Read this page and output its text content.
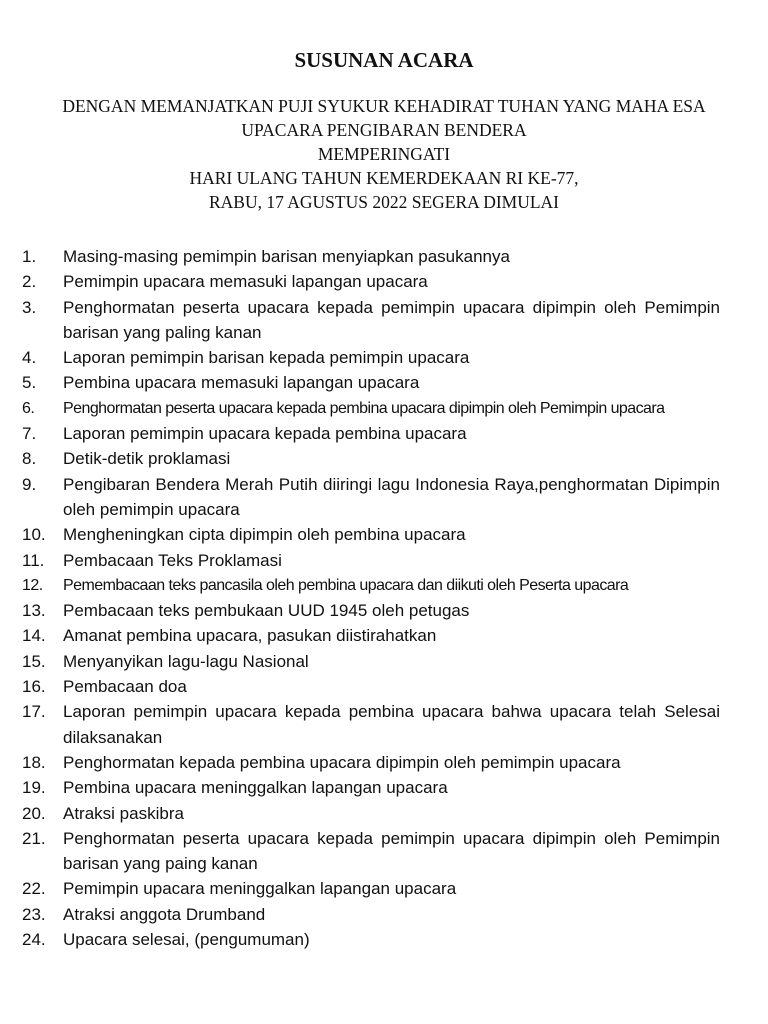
SUSUNAN ACARA
DENGAN MEMANJATKAN PUJI SYUKUR KEHADIRAT TUHAN YANG MAHA ESA
UPACARA PENGIBARAN BENDERA
MEMPERINGATI
HARI ULANG TAHUN KEMERDEKAAN RI KE-77,
RABU, 17 AGUSTUS 2022 SEGERA DIMULAI
1.	Masing-masing pemimpin barisan menyiapkan pasukannya
2.	Pemimpin upacara memasuki lapangan upacara
3.	Penghormatan peserta upacara kepada pemimpin upacara dipimpin oleh Pemimpin barisan yang paling kanan
4.	Laporan pemimpin barisan kepada pemimpin upacara
5.	Pembina upacara memasuki lapangan upacara
6.	Penghormatan peserta upacara kepada pembina upacara dipimpin oleh Pemimpin upacara
7.	Laporan pemimpin upacara kepada pembina upacara
8.	Detik-detik proklamasi
9.	Pengibaran Bendera Merah Putih diiringi lagu Indonesia Raya,penghormatan Dipimpin oleh pemimpin upacara
10.	Mengheningkan cipta dipimpin oleh pembina upacara
11.	Pembacaan Teks Proklamasi
12.	Pemembacaan teks pancasila oleh pembina upacara dan diikuti oleh Peserta upacara
13.	Pembacaan teks pembukaan UUD 1945 oleh petugas
14.	Amanat pembina upacara, pasukan diistirahatkan
15.	Menyanyikan lagu-lagu Nasional
16.	Pembacaan doa
17.	Laporan pemimpin upacara kepada pembina upacara bahwa upacara telah Selesai dilaksanakan
18.	Penghormatan kepada pembina upacara dipimpin oleh pemimpin upacara
19.	Pembina upacara meninggalkan lapangan upacara
20.	Atraksi paskibra
21.	Penghormatan peserta upacara kepada pemimpin upacara dipimpin oleh Pemimpin barisan yang paing kanan
22.	Pemimpin upacara meninggalkan lapangan upacara
23.	Atraksi anggota Drumband
24.	Upacara selesai, (pengumuman)
